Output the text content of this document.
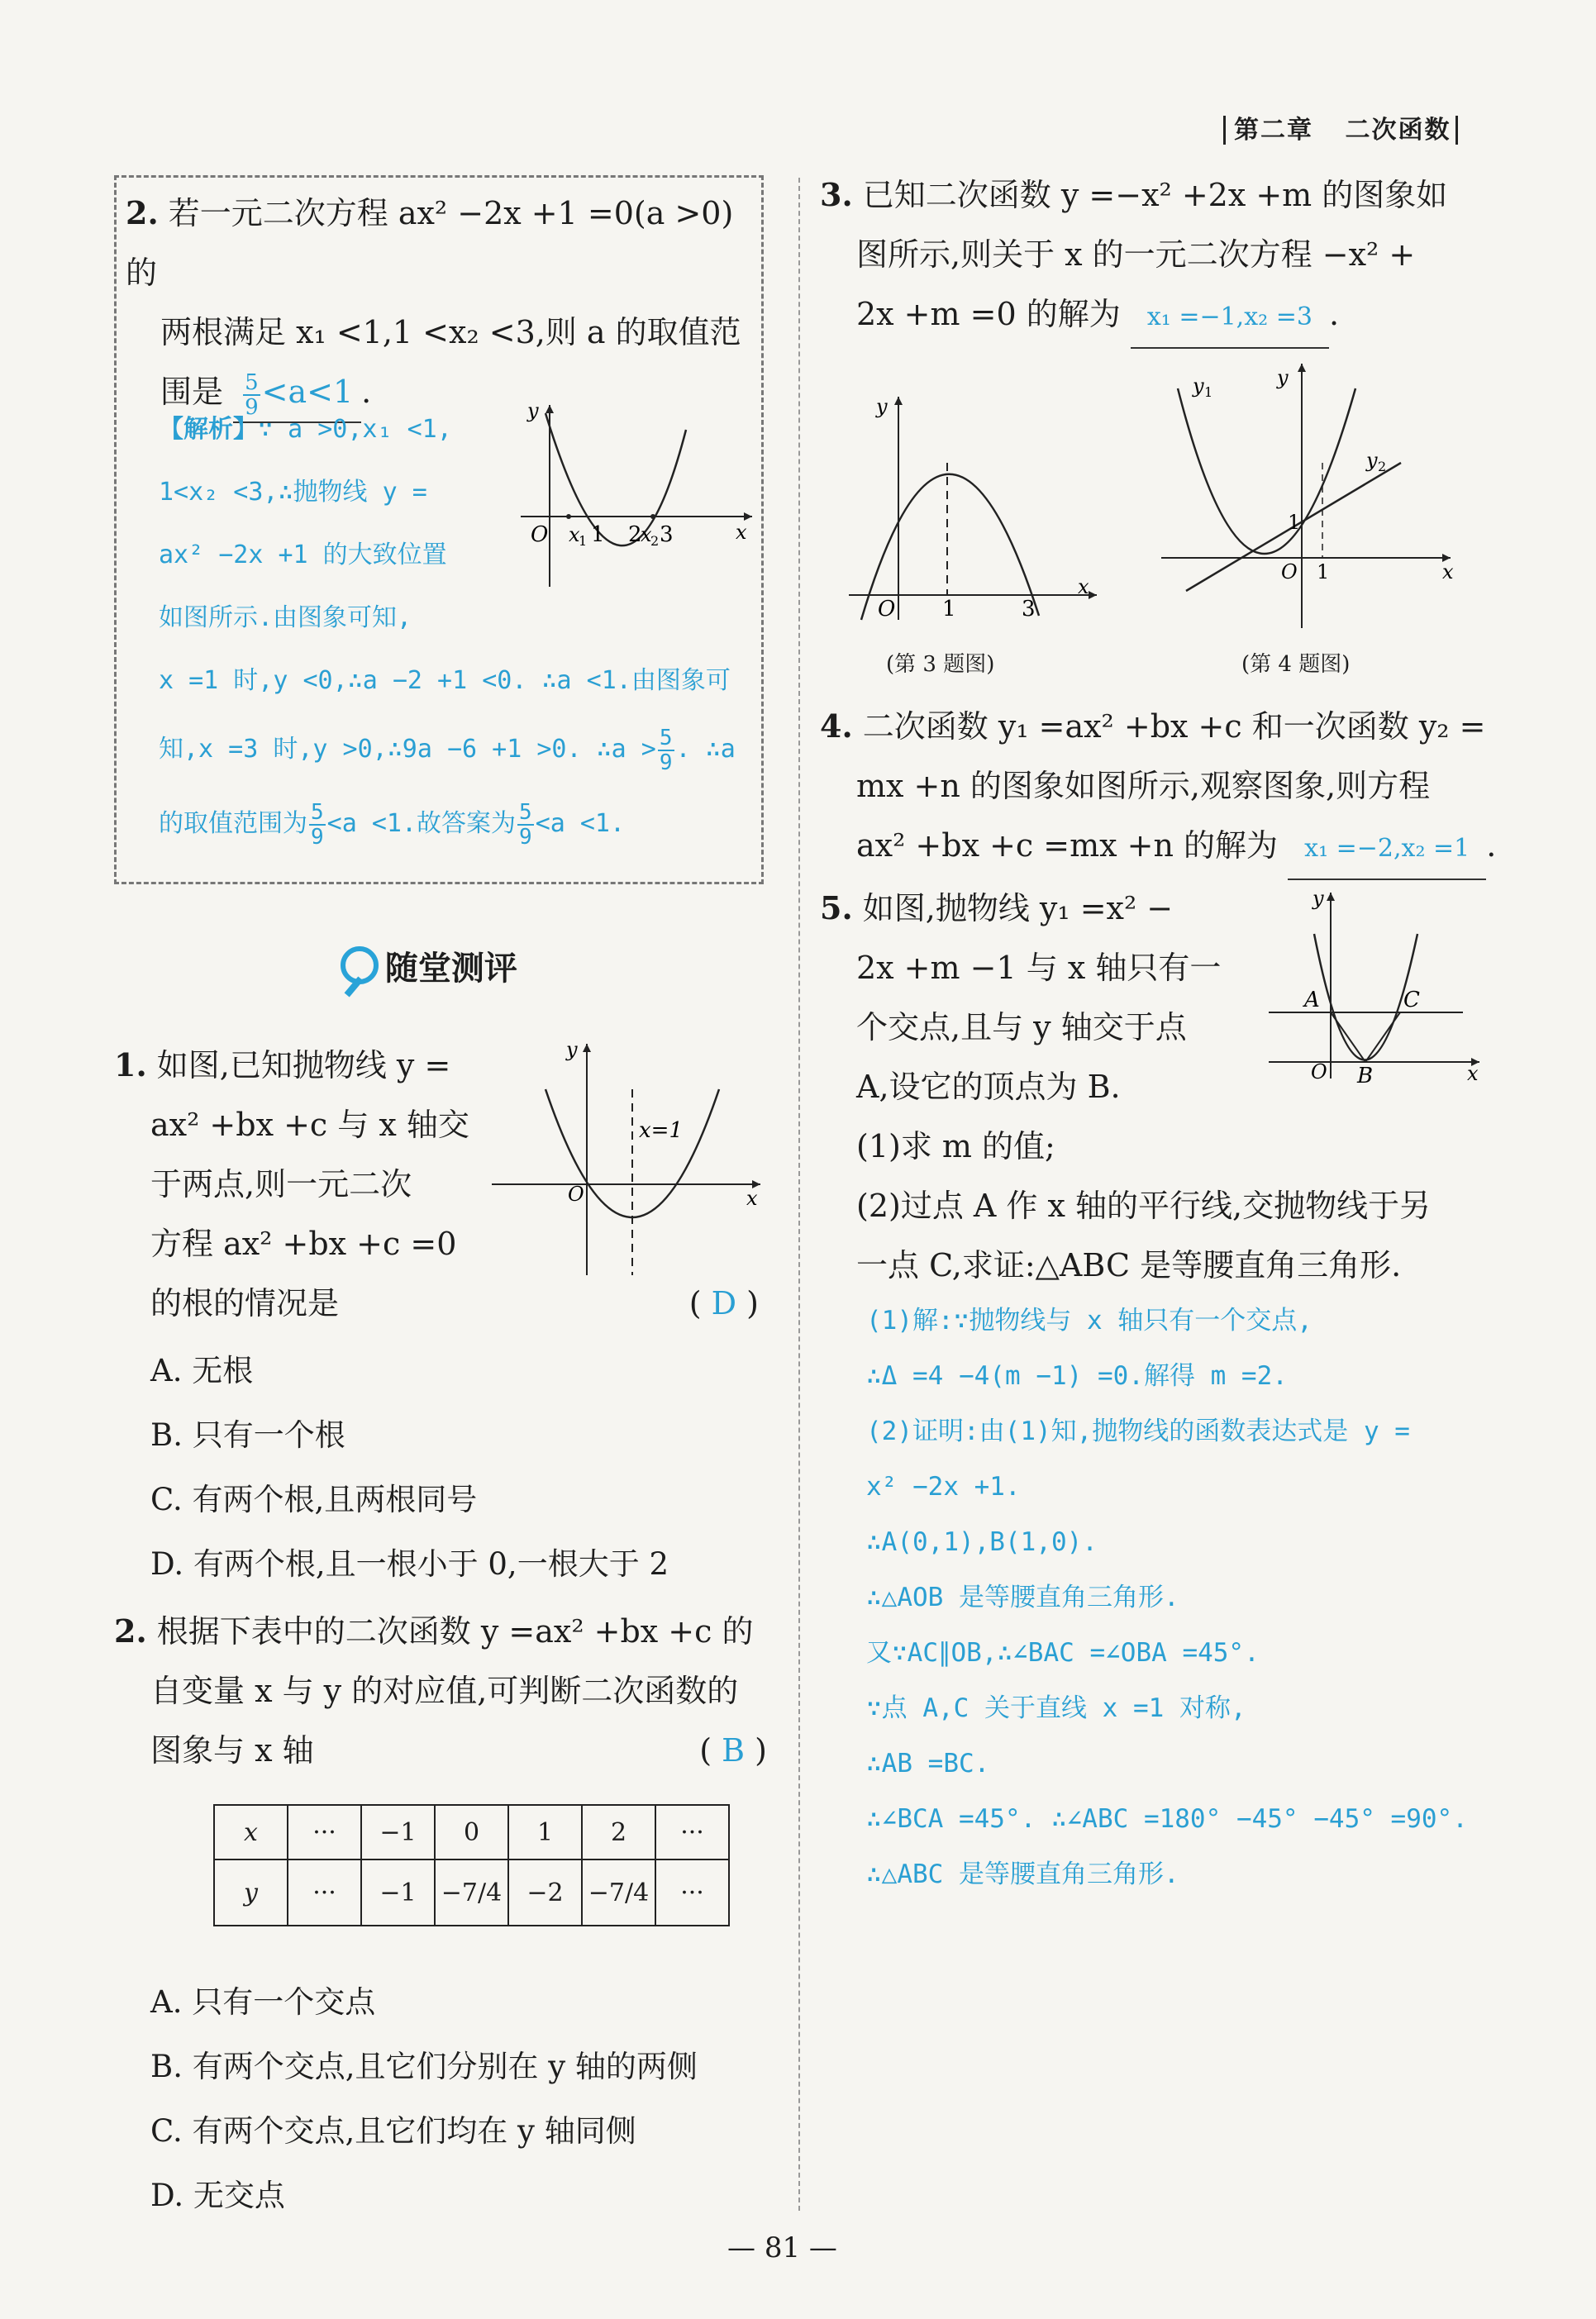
第二章 二次函数
2. 若一元二次方程 ax² −2x +1 =0(a >0)的
两根满足 x₁ <1,1 <x₂ <3,则 a 的取值范
围是 $\frac{5}{9} <a<1$ .
【解析】∵ a >0,x₁ <1,
1<x₂ <3,∴抛物线 y =
ax² −2x +1 的大致位置
如图所示.由图象可知,
x =1 时,y <0,∴a −2 +1 <0. ∴a <1.由图象可
知,x =3 时,y >0,∴9a −6 +1 >0. ∴a > $\frac{5}{9}$ . ∴a
的取值范围为 $\frac{5}{9} <a <1$.故答案为 $\frac{5}{9} <a <1$.
O x
1 1 2
x
2 3	x
y
随堂测评
1. 如图,已知抛物线 y =
ax² +bx +c 与 x 轴交
于两点,则一元二次
方程 ax² +bx +c =0
的根的情况是	( D )
x=1
y
O	x
A. 无根
B. 只有一个根
C. 有两个根,且两根同号
D. 有两个根,且一根小于 0,一根大于 2
2. 根据下表中的二次函数 y =ax² +bx +c 的
自变量 x 与 y 的对应值,可判断二次函数的
图象与 x 轴	( B )
x	···	−1	0	1	2	···
y	···	−1	−7/4	−2	−7/4	···
A. 只有一个交点
B. 有两个交点,且它们分别在 y 轴的两侧
C. 有两个交点,且它们均在 y 轴同侧
D. 无交点
3. 已知二次函数 y =−x² +2x +m 的图象如
图所示,则关于 x 的一元二次方程 −x² +
2x +m =0 的解为 x₁ =−1,x₂ =3 .
y
O 1	3
x
(第 3 题图)
y 1
y
y 2
1
O 1	x
(第 4 题图)
4. 二次函数 y₁ =ax² +bx +c 和一次函数 y₂ =
mx +n 的图象如图所示,观察图象,则方程
ax² +bx +c =mx +n 的解为 x₁ =−2,x₂ =1 .
5. 如图,抛物线 y₁ =x² −
2x +m −1 与 x 轴只有一
个交点,且与 y 轴交于点
A,设它的顶点为 B.
(1)求 m 的值;
(2)过点 A 作 x 轴的平行线,交抛物线于另
一点 C,求证:△ABC 是等腰直角三角形.
y
A	C
O B	x
(1)解:∵抛物线与 x 轴只有一个交点,
∴Δ =4 −4(m −1) =0.解得 m =2.
(2)证明:由(1)知,抛物线的函数表达式是 y =
x² −2x +1.
∴A(0,1),B(1,0).
∴△AOB 是等腰直角三角形.
又∵AC∥OB,∴∠BAC =∠OBA =45°.
∵点 A,C 关于直线 x =1 对称,
∴AB =BC.
∴∠BCA =45°. ∴∠ABC =180° −45° −45° =90°.
∴△ABC 是等腰直角三角形.
— 81 —
